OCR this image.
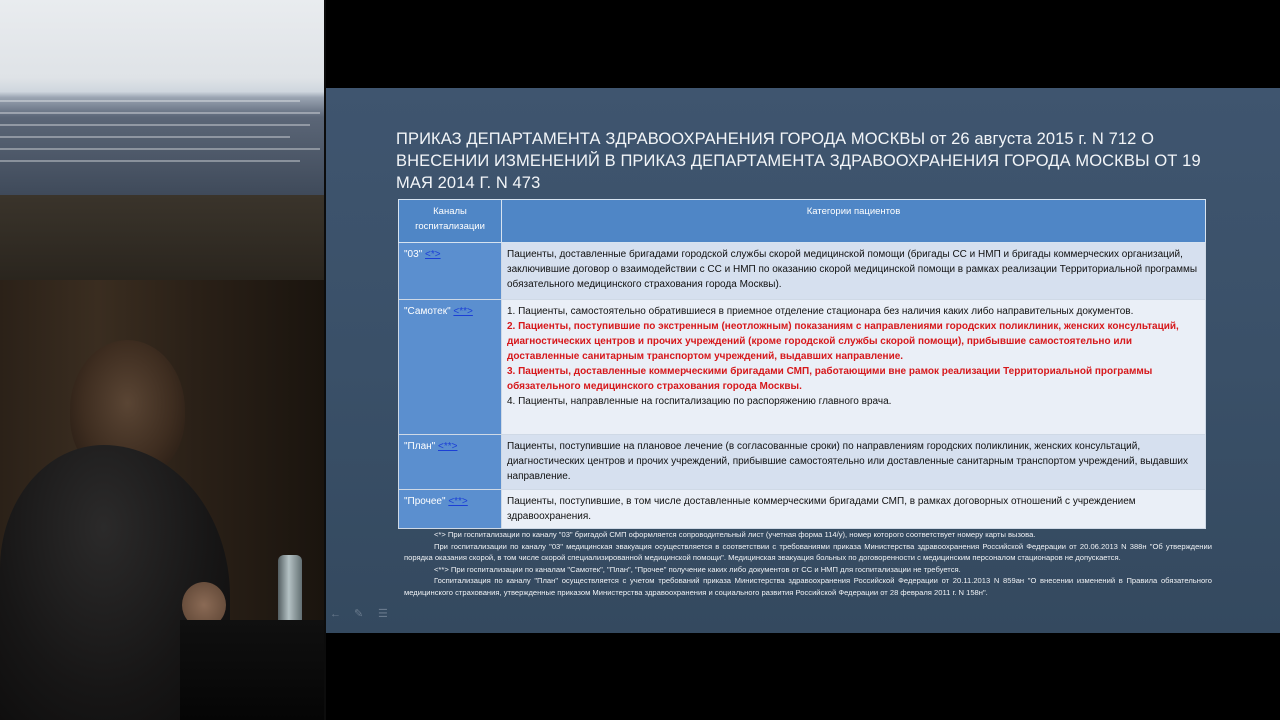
ПРИКАЗ ДЕПАРТАМЕНТА ЗДРАВООХРАНЕНИЯ ГОРОДА МОСКВЫ от 26 августа 2015 г. N 712 О ВНЕСЕНИИ ИЗМЕНЕНИЙ В ПРИКАЗ ДЕПАРТАМЕНТА ЗДРАВООХРАНЕНИЯ ГОРОДА МОСКВЫ ОТ 19 МАЯ 2014 Г. N 473
Каналы госпитализации	Категории пациентов
"03" <*>	Пациенты, доставленные бригадами городской службы скорой медицинской помощи (бригады СС и НМП и бригады коммерческих организаций, заключившие договор о взаимодействии с СС и НМП по оказанию скорой медицинской помощи в рамках реализации Территориальной программы обязательного медицинского страхования города Москвы).
"Самотек" <**>	1. Пациенты, самостоятельно обратившиеся в приемное отделение стационара без наличия каких либо направительных документов.
2. Пациенты, поступившие по экстренным (неотложным) показаниям с направлениями городских поликлиник, женских консультаций, диагностических центров и прочих учреждений (кроме городской службы скорой помощи), прибывшие самостоятельно или доставленные санитарным транспортом учреждений, выдавших направление.
3. Пациенты, доставленные коммерческими бригадами СМП, работающими вне рамок реализации Территориальной программы обязательного медицинского страхования города Москвы.
4. Пациенты, направленные на госпитализацию по распоряжению главного врача.

"План" <**>	Пациенты, поступившие на плановое лечение (в согласованные сроки) по направлениям городских поликлиник, женских консультаций, диагностических центров и прочих учреждений, прибывшие самостоятельно или доставленные санитарным транспортом учреждений, выдавших направление.
"Прочее" <**>	Пациенты, поступившие, в том числе доставленные коммерческими бригадами СМП, в рамках договорных отношений с учреждением здравоохранения.

<*> При госпитализации по каналу "03" бригадой СМП оформляется сопроводительный лист (учетная форма 114/у), номер которого соответствует номеру карты вызова.

При госпитализации по каналу "03" медицинская эвакуация осуществляется в соответствии с требованиями приказа Министерства здравоохранения Российской Федерации от 20.06.2013 N 388н "Об утверждении порядка оказания скорой, в том числе скорой специализированной медицинской помощи". Медицинская эвакуация больных по договоренности с медицинским персоналом стационаров не допускается.

<**> При госпитализации по каналам "Самотек", "План", "Прочее" получение каких либо документов от СС и НМП для госпитализации не требуется.

Госпитализация по каналу "План" осуществляется с учетом требований приказа Министерства здравоохранения Российской Федерации от 20.11.2013 N 859ан "О внесении изменений в Правила обязательного медицинского страхования, утвержденные приказом Министерства здравоохранения и социального развития Российской Федерации от 28 февраля 2011 г. N 158н".

← ✎	☰
